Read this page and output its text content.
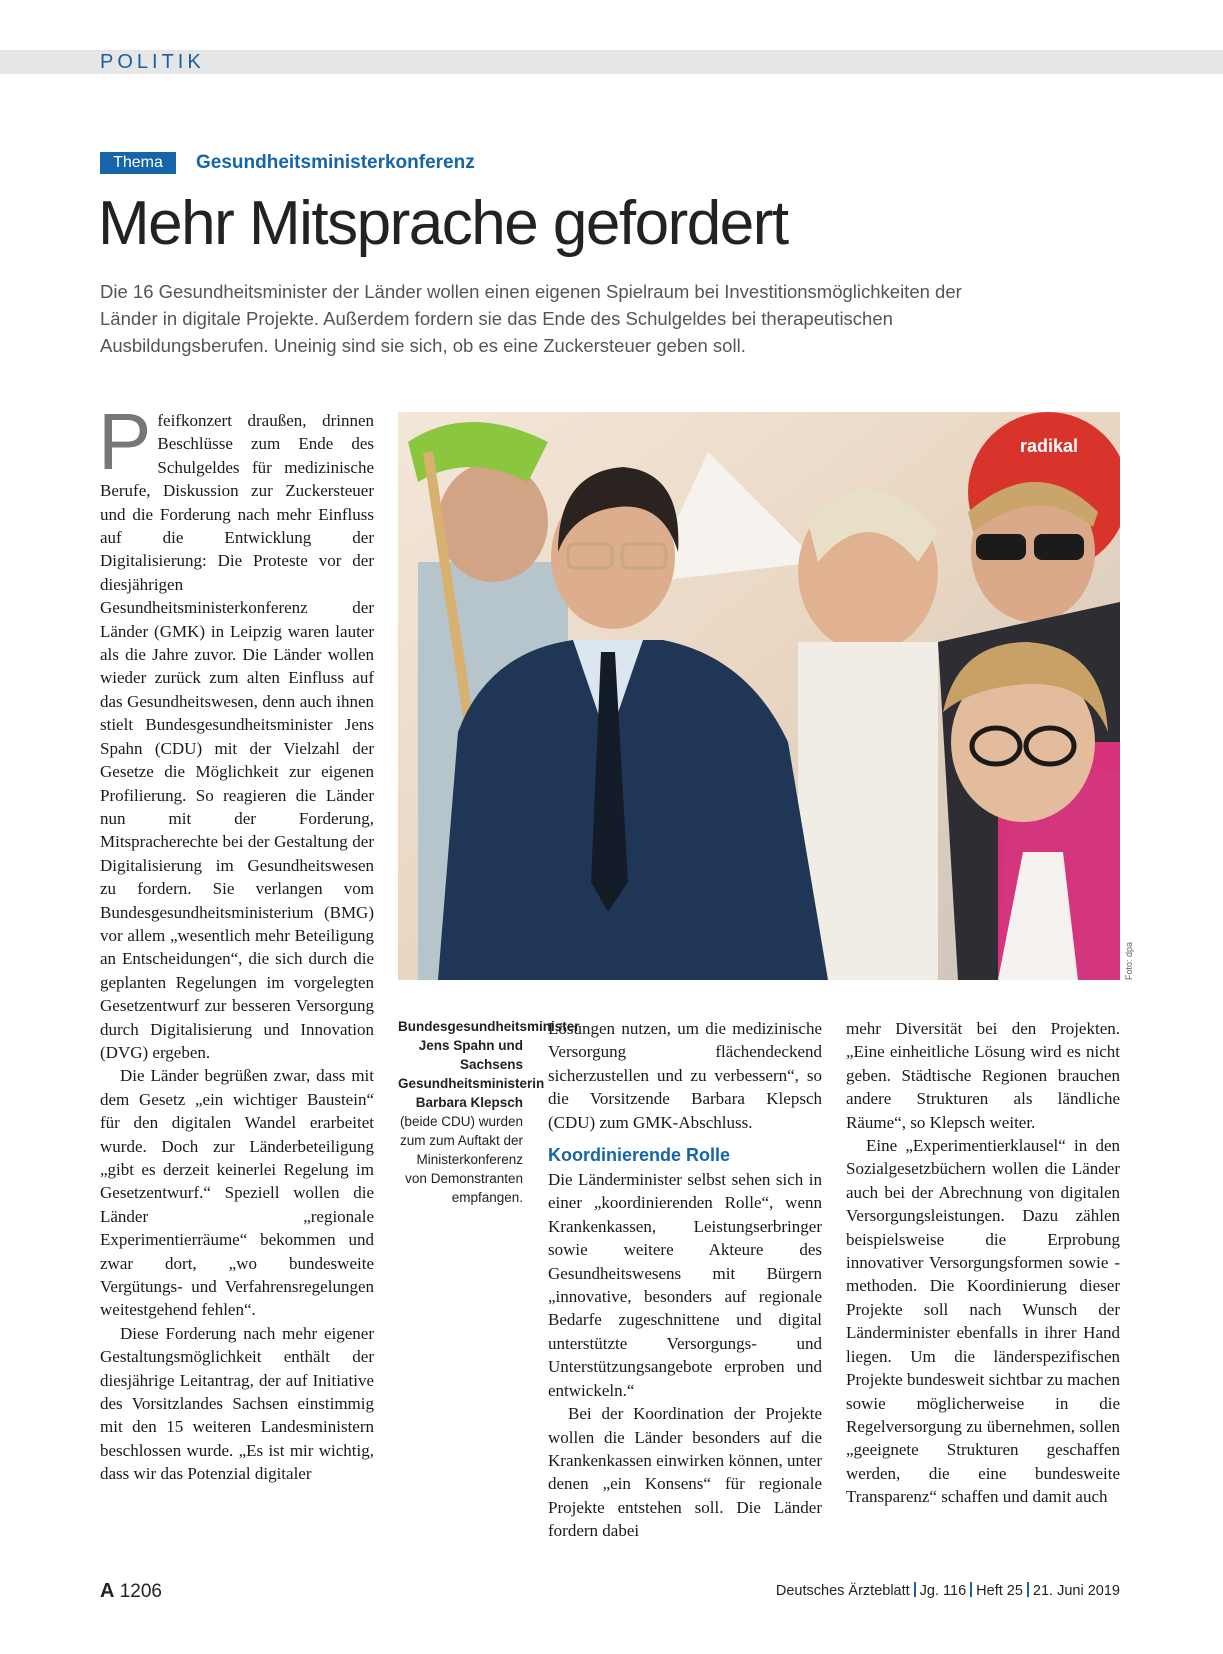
POLITIK
Thema	Gesundheitsministerkonferenz
Mehr Mitsprache gefordert

Die 16 Gesundheitsminister der Länder wollen einen eigenen Spielraum bei Investitionsmöglichkeiten der Länder in digitale Projekte. Außerdem fordern sie das Ende des Schulgeldes bei therapeutischen Ausbildungsberufen. Uneinig sind sie sich, ob es eine Zuckersteuer geben soll.

Pfeifkonzert draußen, drinnen Beschlüsse zum Ende des Schulgeldes für medizinische Berufe, Diskussion zur Zuckersteuer und die Forderung nach mehr Einfluss auf die Entwicklung der Digitalisierung: Die Proteste vor der diesjährigen Gesundheitsministerkonferenz der Länder (GMK) in Leipzig waren lauter als die Jahre zuvor. Die Länder wollen wieder zurück zum alten Einfluss auf das Gesundheitswesen, denn auch ihnen stielt Bundesgesundheitsminister Jens Spahn (CDU) mit der Vielzahl der Gesetze die Möglichkeit zur eigenen Profilierung. So reagieren die Länder nun mit der Forderung, Mitspracherechte bei der Gestaltung der Digitalisierung im Gesundheitswesen zu fordern. Sie verlangen vom Bundesgesundheitsministerium (BMG) vor allem „wesentlich mehr Beteiligung an Entscheidungen“, die sich durch die geplanten Regelungen im vorgelegten Gesetzentwurf zur besseren Versorgung durch Digitalisierung und Innovation (DVG) ergeben.

Die Länder begrüßen zwar, dass mit dem Gesetz „ein wichtiger Baustein“ für den digitalen Wandel erarbeitet wurde. Doch zur Länderbeteiligung „gibt es derzeit keinerlei Regelung im Gesetzentwurf.“ Speziell wollen die Länder „regionale Experimentierräume“ bekommen und zwar dort, „wo bundesweite Vergütungs- und Verfahrensregelungen weitestgehend fehlen“.

Diese Forderung nach mehr eigener Gestaltungsmöglichkeit enthält der diesjährige Leitantrag, der auf Initiative des Vorsitzlandes Sachsen einstimmig mit den 15 weiteren Landesministern beschlossen wurde. „Es ist mir wichtig, dass wir das Potenzial digitaler

radikal
Foto: dpa
Bundesgesundheitsminister Jens Spahn und Sachsens Gesundheitsministerin Barbara Klepsch (beide CDU) wurden zum zum Auftakt der Ministerkonferenz von Demonstranten empfangen.

Lösungen nutzen, um die medizinische Versorgung flächendeckend sicherzustellen und zu verbessern“, so die Vorsitzende Barbara Klepsch (CDU) zum GMK-Abschluss.

Koordinierende Rolle

Die Länderminister selbst sehen sich in einer „koordinierenden Rolle“, wenn Krankenkassen, Leistungserbringer sowie weitere Akteure des Gesundheitswesens mit Bürgern „innovative, besonders auf regionale Bedarfe zugeschnittene und digital unterstützte Versorgungs- und Unterstützungsangebote erproben und entwickeln.“

Bei der Koordination der Projekte wollen die Länder besonders auf die Krankenkassen einwirken können, unter denen „ein Konsens“ für regionale Projekte entstehen soll. Die Länder fordern dabei

mehr Diversität bei den Projekten. „Eine einheitliche Lösung wird es nicht geben. Städtische Regionen brauchen andere Strukturen als ländliche Räume“, so Klepsch weiter.

Eine „Experimentierklausel“ in den Sozialgesetzbüchern wollen die Länder auch bei der Abrechnung von digitalen Versorgungsleistungen. Dazu zählen beispielsweise die Erprobung innovativer Versorgungsformen sowie -methoden. Die Koordinierung dieser Projekte soll nach Wunsch der Länderminister ebenfalls in ihrer Hand liegen. Um die länderspezifischen Projekte bundesweit sichtbar zu machen sowie möglicherweise in die Regelversorgung zu übernehmen, sollen „geeignete Strukturen geschaffen werden, die eine bundesweite Transparenz“ schaffen und damit auch

A 1206	Deutsches Ärzteblatt Jg. 116 Heft 25 21. Juni 2019
